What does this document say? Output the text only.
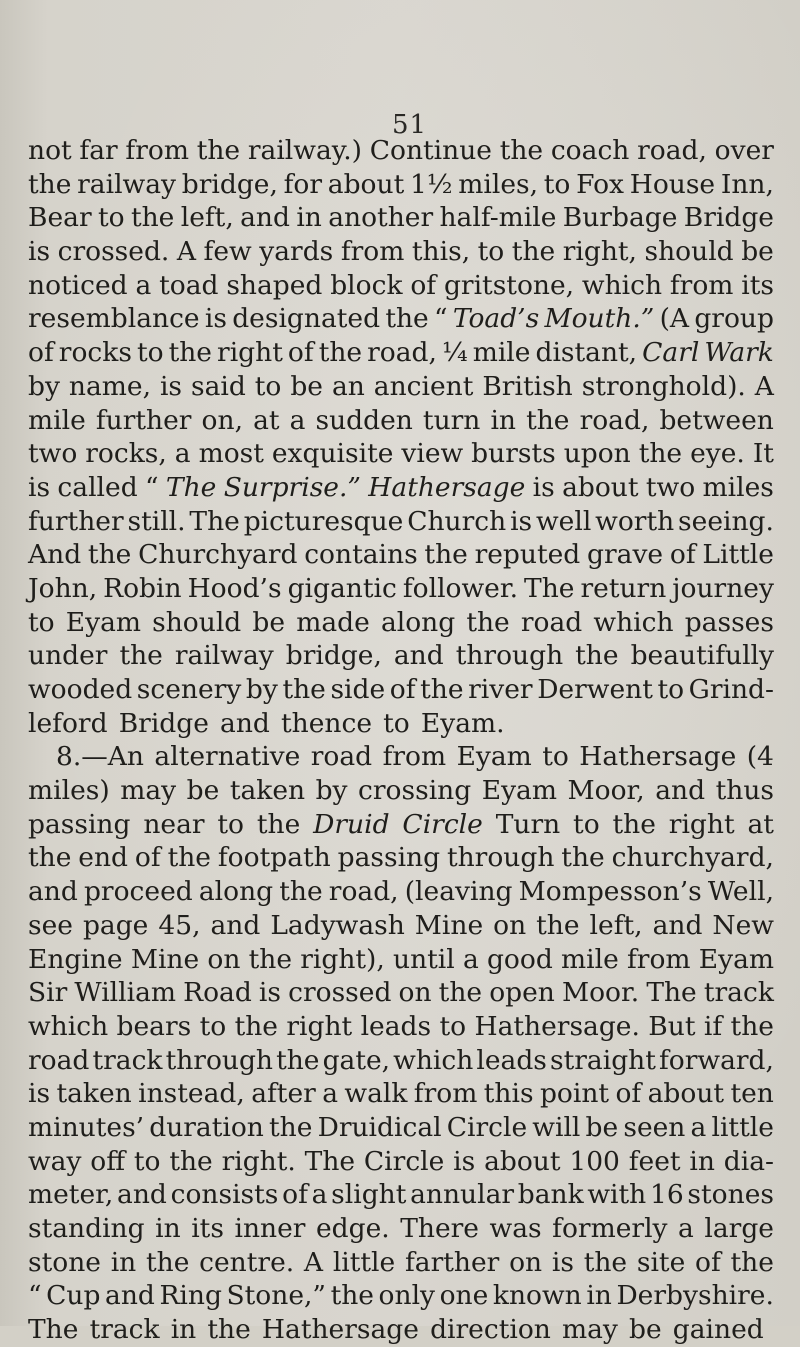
51
not far from the railway.) Continue the coach road, over
the railway bridge, for about 1½ miles, to Fox House Inn,
Bear to the left, and in another half-mile Burbage Bridge
is crossed. A few yards from this, to the right, should be
noticed a toad shaped block of gritstone, which from its
resemblance is designated the “ Toad’s Mouth.” (A group
of rocks to the right of the road, ¼ mile distant, Carl Wark
by name, is said to be an ancient British stronghold). A
mile further on, at a sudden turn in the road, between
two rocks, a most exquisite view bursts upon the eye. It
is called “ The Surprise.” Hathersage is about two miles
further still. The picturesque Church is well worth seeing.
And the Churchyard contains the reputed grave of Little
John, Robin Hood’s gigantic follower. The return journey
to Eyam should be made along the road which passes
under the railway bridge, and through the beautifully
wooded scenery by the side of the river Derwent to Grind-
leford Bridge and thence to Eyam.
8.—An alternative road from Eyam to Hathersage (4
miles) may be taken by crossing Eyam Moor, and thus
passing near to the Druid Circle Turn to the right at
the end of the footpath passing through the churchyard,
and proceed along the road, (leaving Mompesson’s Well,
see page 45, and Ladywash Mine on the left, and New
Engine Mine on the right), until a good mile from Eyam
Sir William Road is crossed on the open Moor. The track
which bears to the right leads to Hathersage. But if the
road track through the gate, which leads straight forward,
is taken instead, after a walk from this point of about ten
minutes’ duration the Druidical Circle will be seen a little
way off to the right. The Circle is about 100 feet in dia-
meter, and consists of a slight annular bank with 16 stones
standing in its inner edge. There was formerly a large
stone in the centre. A little farther on is the site of the
“ Cup and Ring Stone,” the only one known in Derbyshire.
The track in the Hathersage direction may be gained
